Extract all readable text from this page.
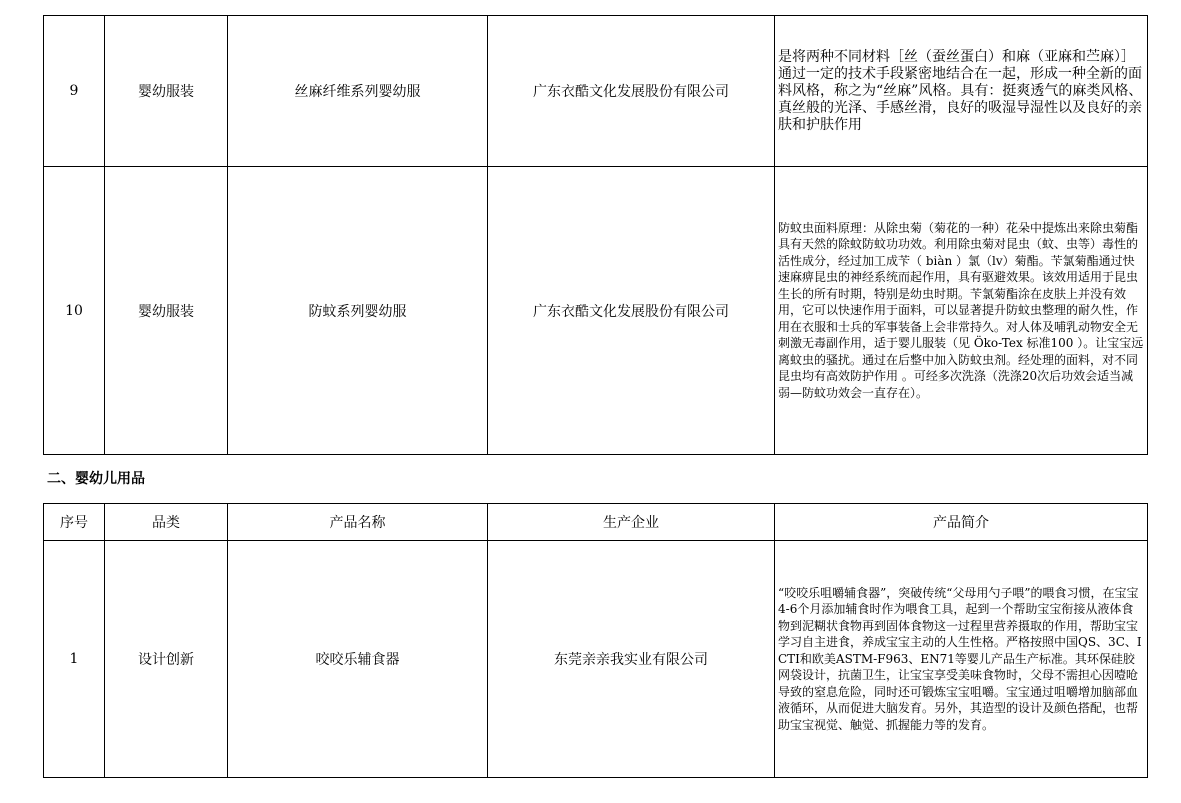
9	婴幼服装	丝麻纤维系列婴幼服	广东衣酷文化发展股份有限公司	是将两种不同材料［丝（蚕丝蛋白）和麻（亚麻和苎麻）］通过一定的技术手段紧密地结合在一起，形成一种全新的面料风格，称之为“丝麻”风格。具有：挺爽透气的麻类风格、真丝般的光泽、手感丝滑，良好的吸湿导湿性以及良好的亲肤和护肤作用
10	婴幼服装	防蚊系列婴幼服	广东衣酷文化发展股份有限公司	防蚊虫面料原理：从除虫菊（菊花的一种）花朵中提炼出来除虫菊酯具有天然的除蚊防蚊功功效。利用除虫菊对昆虫（蚊、虫等）毒性的活性成分，经过加工成苄（ biàn ）氯（lv）菊酯。苄氯菊酯通过快速麻痹昆虫的神经系统而起作用，具有驱避效果。该效用适用于昆虫生长的所有时期，特别是幼虫时期。苄氯菊酯涂在皮肤上并没有效用，它可以快速作用于面料，可以显著提升防蚊虫整理的耐久性，作用在衣服和士兵的军事装备上会非常持久。对人体及哺乳动物安全无刺激无毒副作用，适于婴儿服装（见 Öko-Tex 标准100 ）。让宝宝远离蚊虫的骚扰。通过在后整中加入防蚊虫剂。经处理的面料，对不同昆虫均有高效防护作用 。可经多次洗涤（洗涤20次后功效会适当减弱—防蚊功效会一直存在）。
二、婴幼儿用品
序号	品类	产品名称	生产企业	产品简介
1	设计创新	咬咬乐辅食器	东莞亲亲我实业有限公司	“咬咬乐咀嚼辅食器”，突破传统“父母用勺子喂”的喂食习惯，在宝宝4-6个月添加辅食时作为喂食工具，起到一个帮助宝宝衔接从液体食物到泥糊状食物再到固体食物这一过程里营养摄取的作用，帮助宝宝学习自主进食，养成宝宝主动的人生性格。严格按照中国QS、3C、ICTI和欧美ASTM-F963、EN71等婴儿产品生产标准。其环保硅胶网袋设计，抗菌卫生，让宝宝享受美味食物时，父母不需担心因噎呛导致的窒息危险，同时还可锻炼宝宝咀嚼。宝宝通过咀嚼增加脑部血液循环，从而促进大脑发育。另外，其造型的设计及颜色搭配，也帮助宝宝视觉、触觉、抓握能力等的发育。
